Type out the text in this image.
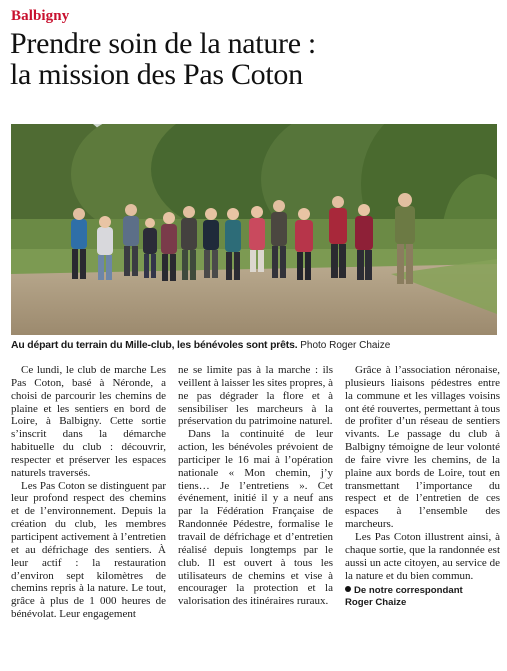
Balbigny
Prendre soin de la nature :
la mission des Pas Coton
Au départ du terrain du Mille-club, les bénévoles sont prêts. Photo Roger Chaize

Ce lundi, le club de marche Les Pas Coton, basé à Néronde, a choisi de parcourir les chemins de plaine et les sentiers en bord de Loire, à Balbigny. Cette sortie s’inscrit dans la démarche habituelle du club : découvrir, respecter et préserver les espaces naturels traversés.

Les Pas Coton se distinguent par leur profond respect des chemins et de l’environnement. Depuis la création du club, les membres participent activement à l’entretien et au défrichage des sentiers. À leur actif : la restauration d’environ sept kilomètres de chemins repris à la nature. Le tout, grâce à plus de 1 000 heures de bénévolat. Leur engagement

ne se limite pas à la marche : ils veillent à laisser les sites propres, à ne pas dégrader la flore et à sensibiliser les marcheurs à la préservation du patrimoine naturel.

Dans la continuité de leur action, les bénévoles prévoient de participer le 16 mai à l’opération nationale « Mon chemin, j’y tiens… Je l’entretiens ». Cet événement, initié il y a neuf ans par la Fédération Française de Randonnée Pédestre, formalise le travail de défrichage et d’entretien réalisé depuis longtemps par le club. Il est ouvert à tous les utilisateurs de chemins et vise à encourager la protection et la valorisation des itinéraires ruraux.

Grâce à l’association néronaise, plusieurs liaisons pédestres entre la commune et les villages voisins ont été rouvertes, permettant à tous de profiter d’un réseau de sentiers vivants. Le passage du club à Balbigny témoigne de leur volonté de faire vivre les chemins, de la plaine aux bords de Loire, tout en transmettant l’importance du respect et de l’entretien de ces espaces à l’ensemble des marcheurs.

Les Pas Coton illustrent ainsi, à chaque sortie, que la randonnée est aussi un acte citoyen, au service de la nature et du bien commun.

De notre correspondant
Roger Chaize
